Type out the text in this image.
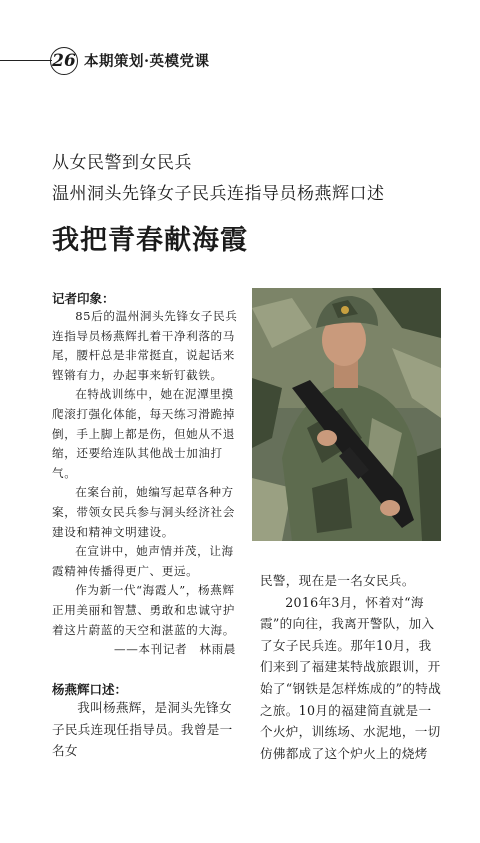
26 本期策划·英模党课
从女民警到女民兵
温州洞头先锋女子民兵连指导员杨燕辉口述
我把青春献海霞
记者印象：

85后的温州洞头先锋女子民兵连指导员杨燕辉扎着干净利落的马尾，腰杆总是非常挺直，说起话来铿锵有力，办起事来斩钉截铁。

在特战训练中，她在泥潭里摸爬滚打强化体能，每天练习滑跪掉倒，手上脚上都是伤，但她从不退缩，还要给连队其他战士加油打气。

在案台前，她编写起草各种方案，带领女民兵参与洞头经济社会建设和精神文明建设。

在宣讲中，她声情并茂，让海霞精神传播得更广、更远。

作为新一代“海霞人”，杨燕辉正用美丽和智慧、勇敢和忠诚守护着这片蔚蓝的天空和湛蓝的大海。

——本刊记者　林雨晨

杨燕辉口述：

我叫杨燕辉，是洞头先锋女子民兵连现任指导员。我曾是一名女

民警，现在是一名女民兵。

2016年3月，怀着对“海霞”的向往，我离开警队，加入了女子民兵连。那年10月，我们来到了福建某特战旅跟训，开始了“钢铁是怎样炼成的”的特战之旅。10月的福建简直就是一个火炉，训练场、水泥地，一切仿佛都成了这个炉火上的烧烤
